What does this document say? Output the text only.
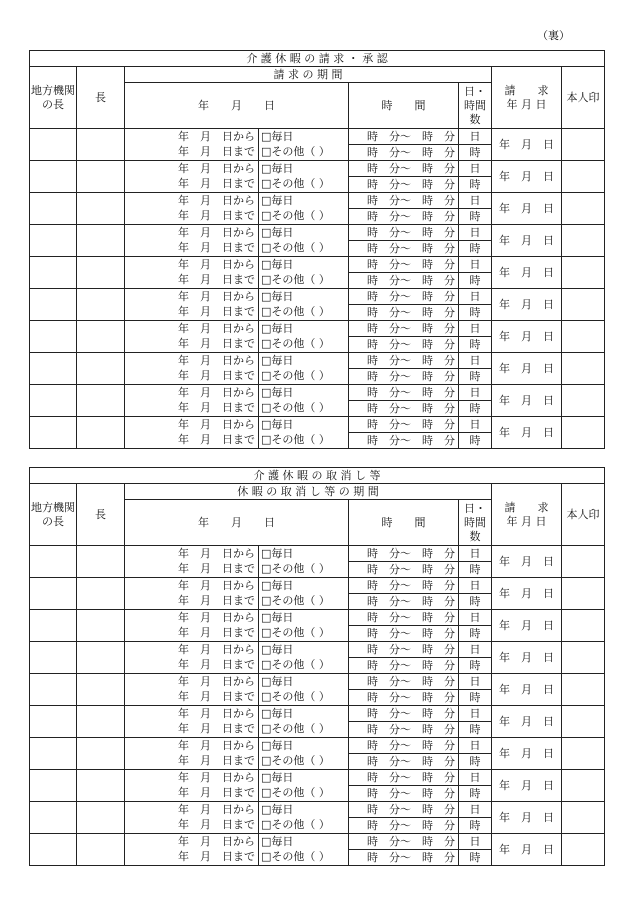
（裏）
介 護 休 暇 の 請 求 ・ 承 認							
地方機関の長	長	請 求 の 期 間				請　　求
年 月 日	本人印
		年　　月　　日		時　　間	日・時間数		
		年　月　日から	□毎日	時　分～　時　分	日	年　月　日	
		年　月　日まで	□その他（ ）	時　分～　時　分	時		
		年　月　日から	□毎日	時　分～　時　分	日	年　月　日	
		年　月　日まで	□その他（ ）	時　分～　時　分	時		
		年　月　日から	□毎日	時　分～　時　分	日	年　月　日	
		年　月　日まで	□その他（ ）	時　分～　時　分	時		
		年　月　日から	□毎日	時　分～　時　分	日	年　月　日	
		年　月　日まで	□その他（ ）	時　分～　時　分	時		
		年　月　日から	□毎日	時　分～　時　分	日	年　月　日	
		年　月　日まで	□その他（ ）	時　分～　時　分	時		
		年　月　日から	□毎日	時　分～　時　分	日	年　月　日	
		年　月　日まで	□その他（ ）	時　分～　時　分	時		
		年　月　日から	□毎日	時　分～　時　分	日	年　月　日	
		年　月　日まで	□その他（ ）	時　分～　時　分	時		
		年　月　日から	□毎日	時　分～　時　分	日	年　月　日	
		年　月　日まで	□その他（ ）	時　分～　時　分	時		
		年　月　日から	□毎日	時　分～　時　分	日	年　月　日	
		年　月　日まで	□その他（ ）	時　分～　時　分	時		
		年　月　日から	□毎日	時　分～　時　分	日	年　月　日	
		年　月　日まで	□その他（ ）	時　分～　時　分	時		
介 護 休 暇 の 取 消 し 等							
地方機関の長	長	休 暇 の 取 消 し 等 の 期 間				請　　求
年 月 日	本人印
		年　　月　　日		時　　間	日・時間数		
		年　月　日から	□毎日	時　分～　時　分	日	年　月　日	
		年　月　日まで	□その他（ ）	時　分～　時　分	時		
		年　月　日から	□毎日	時　分～　時　分	日	年　月　日	
		年　月　日まで	□その他（ ）	時　分～　時　分	時		
		年　月　日から	□毎日	時　分～　時　分	日	年　月　日	
		年　月　日まで	□その他（ ）	時　分～　時　分	時		
		年　月　日から	□毎日	時　分～　時　分	日	年　月　日	
		年　月　日まで	□その他（ ）	時　分～　時　分	時		
		年　月　日から	□毎日	時　分～　時　分	日	年　月　日	
		年　月　日まで	□その他（ ）	時　分～　時　分	時		
		年　月　日から	□毎日	時　分～　時　分	日	年　月　日	
		年　月　日まで	□その他（ ）	時　分～　時　分	時		
		年　月　日から	□毎日	時　分～　時　分	日	年　月　日	
		年　月　日まで	□その他（ ）	時　分～　時　分	時		
		年　月　日から	□毎日	時　分～　時　分	日	年　月　日	
		年　月　日まで	□その他（ ）	時　分～　時　分	時		
		年　月　日から	□毎日	時　分～　時　分	日	年　月　日	
		年　月　日まで	□その他（ ）	時　分～　時　分	時		
		年　月　日から	□毎日	時　分～　時　分	日	年　月　日	
		年　月　日まで	□その他（ ）	時　分～　時　分	時		
